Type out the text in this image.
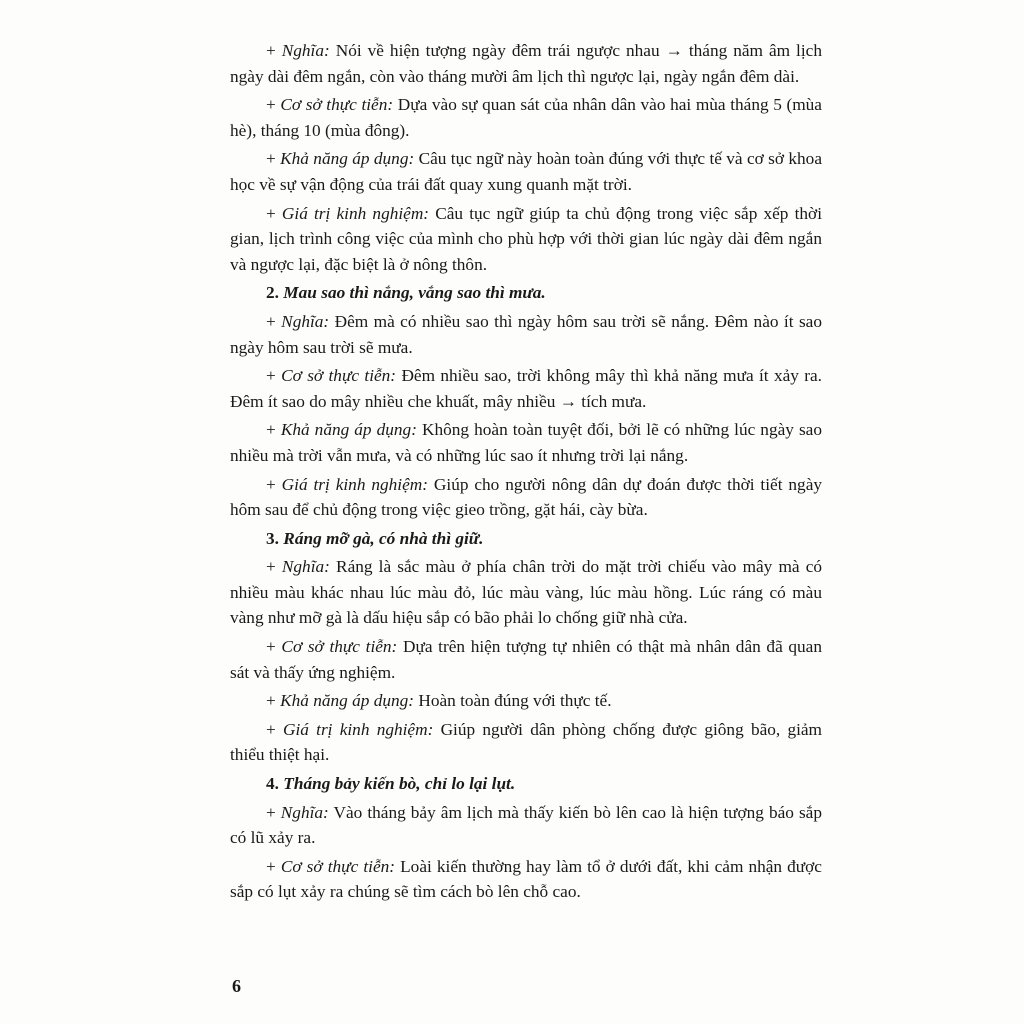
+ Nghĩa: Nói về hiện tượng ngày đêm trái ngược nhau → tháng năm âm lịch ngày dài đêm ngắn, còn vào tháng mười âm lịch thì ngược lại, ngày ngắn đêm dài.

+ Cơ sở thực tiễn: Dựa vào sự quan sát của nhân dân vào hai mùa tháng 5 (mùa hè), tháng 10 (mùa đông).

+ Khả năng áp dụng: Câu tục ngữ này hoàn toàn đúng với thực tế và cơ sở khoa học về sự vận động của trái đất quay xung quanh mặt trời.

+ Giá trị kinh nghiệm: Câu tục ngữ giúp ta chủ động trong việc sắp xếp thời gian, lịch trình công việc của mình cho phù hợp với thời gian lúc ngày dài đêm ngắn và ngược lại, đặc biệt là ở nông thôn.

2. Mau sao thì nắng, vắng sao thì mưa.

+ Nghĩa: Đêm mà có nhiều sao thì ngày hôm sau trời sẽ nắng. Đêm nào ít sao ngày hôm sau trời sẽ mưa.

+ Cơ sở thực tiễn: Đêm nhiều sao, trời không mây thì khả năng mưa ít xảy ra. Đêm ít sao do mây nhiều che khuất, mây nhiều → tích mưa.

+ Khả năng áp dụng: Không hoàn toàn tuyệt đối, bởi lẽ có những lúc ngày sao nhiều mà trời vẫn mưa, và có những lúc sao ít nhưng trời lại nắng.

+ Giá trị kinh nghiệm: Giúp cho người nông dân dự đoán được thời tiết ngày hôm sau để chủ động trong việc gieo trồng, gặt hái, cày bừa.

3. Ráng mỡ gà, có nhà thì giữ.

+ Nghĩa: Ráng là sắc màu ở phía chân trời do mặt trời chiếu vào mây mà có nhiều màu khác nhau lúc màu đỏ, lúc màu vàng, lúc màu hồng. Lúc ráng có màu vàng như mỡ gà là dấu hiệu sắp có bão phải lo chống giữ nhà cửa.

+ Cơ sở thực tiễn: Dựa trên hiện tượng tự nhiên có thật mà nhân dân đã quan sát và thấy ứng nghiệm.

+ Khả năng áp dụng: Hoàn toàn đúng với thực tế.

+ Giá trị kinh nghiệm: Giúp người dân phòng chống được giông bão, giảm thiểu thiệt hại.

4. Tháng bảy kiến bò, chỉ lo lại lụt.

+ Nghĩa: Vào tháng bảy âm lịch mà thấy kiến bò lên cao là hiện tượng báo sắp có lũ xảy ra.

+ Cơ sở thực tiễn: Loài kiến thường hay làm tổ ở dưới đất, khi cảm nhận được sắp có lụt xảy ra chúng sẽ tìm cách bò lên chỗ cao.

6
